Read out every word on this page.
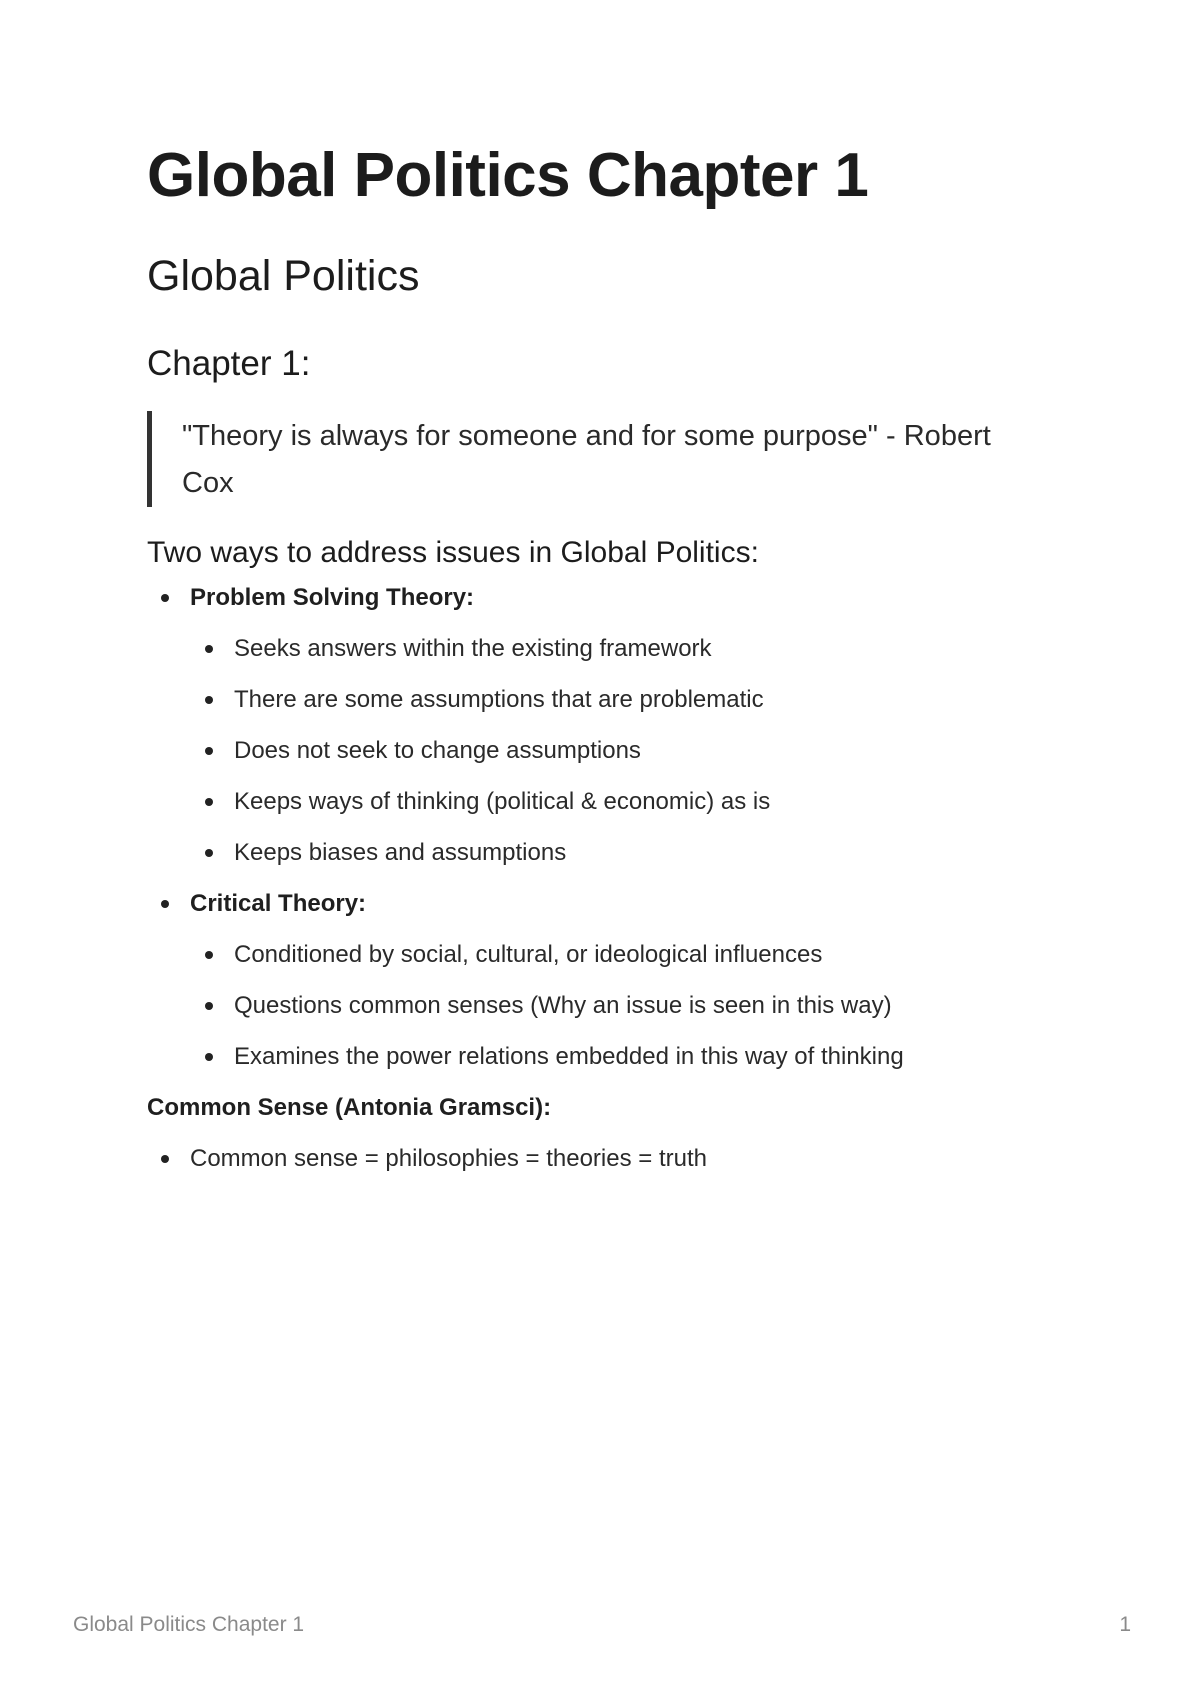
Global Politics Chapter 1
Global Politics
Chapter 1:
"Theory is always for someone and for some purpose" - Robert Cox
Two ways to address issues in Global Politics:
Problem Solving Theory:
Seeks answers within the existing framework
There are some assumptions that are problematic
Does not seek to change assumptions
Keeps ways of thinking (political & economic) as is
Keeps biases and assumptions
Critical Theory:
Conditioned by social, cultural, or ideological influences
Questions common senses (Why an issue is seen in this way)
Examines the power relations embedded in this way of thinking

Common Sense (Antonia Gramsci):

Common sense = philosophies = theories = truth
Global Politics Chapter 1	1
